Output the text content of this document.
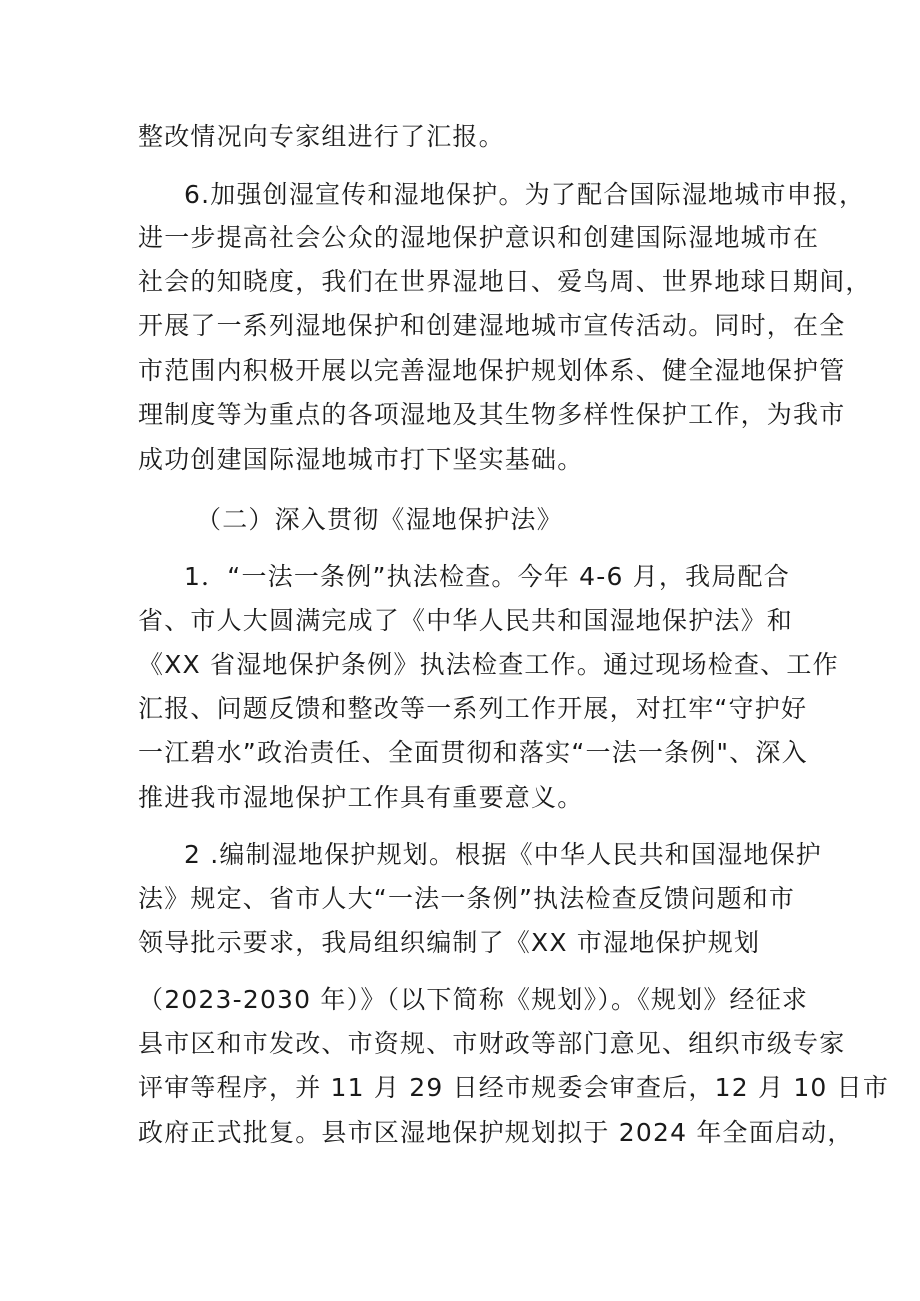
整改情况向专家组进行了汇报。
6.加强创湿宣传和湿地保护。为了配合国际湿地城市申报，
进一步提高社会公众的湿地保护意识和创建国际湿地城市在
社会的知晓度，我们在世界湿地日、爱鸟周、世界地球日期间，
开展了一系列湿地保护和创建湿地城市宣传活动。同时，在全
市范围内积极开展以完善湿地保护规划体系、健全湿地保护管
理制度等为重点的各项湿地及其生物多样性保护工作，为我市
成功创建国际湿地城市打下坚实基础。
（二）深入贯彻《湿地保护法》
1．“一法一条例”执法检查。今年 4-6 月，我局配合
省、市人大圆满完成了《中华人民共和国湿地保护法》和
《XX 省湿地保护条例》执法检查工作。通过现场检查、工作
汇报、问题反馈和整改等一系列工作开展，对扛牢“守护好
一江碧水”政治责任、全面贯彻和落实“一法一条例"、深入
推进我市湿地保护工作具有重要意义。
2 .编制湿地保护规划。根据《中华人民共和国湿地保护
法》规定、省市人大“一法一条例”执法检查反馈问题和市
领导批示要求，我局组织编制了《XX 市湿地保护规划
（2023-2030 年）》（以下简称《规划》）。《规划》经征求
县市区和市发改、市资规、市财政等部门意见、组织市级专家
评审等程序，并 11 月 29 日经市规委会审查后，12 月 10 日市
政府正式批复。县市区湿地保护规划拟于 2024 年全面启动，
